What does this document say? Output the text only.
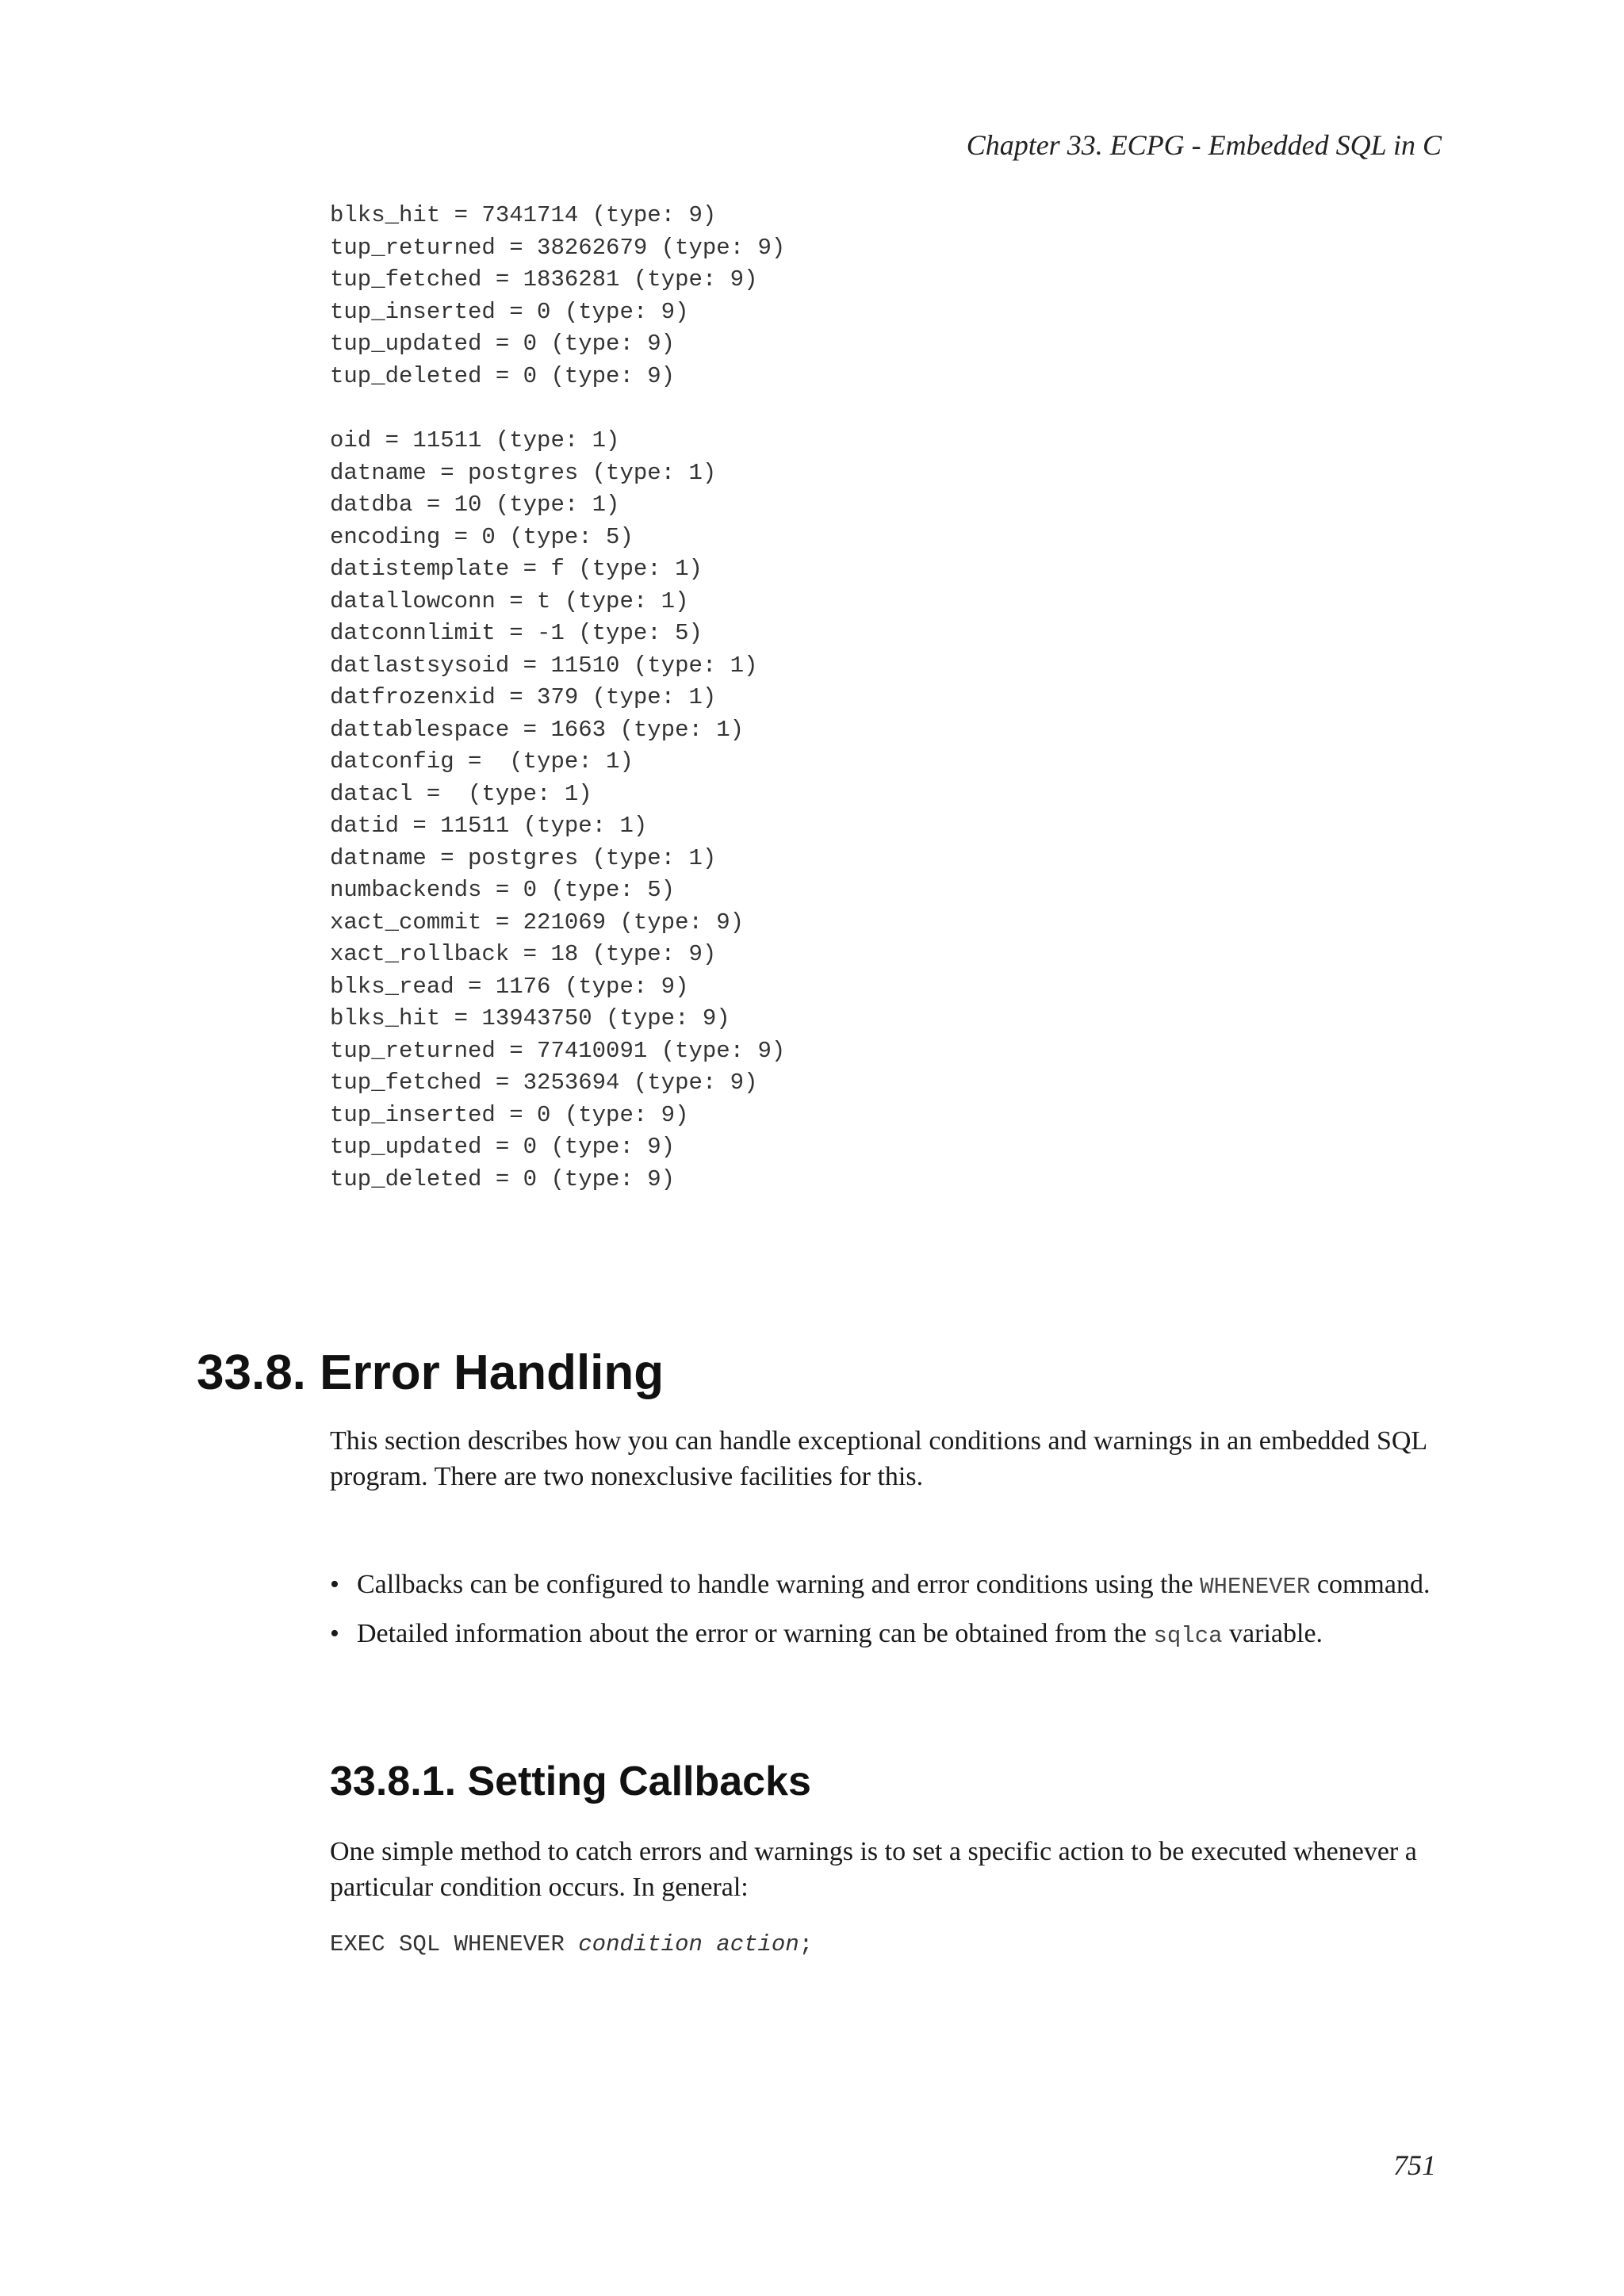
Chapter 33. ECPG - Embedded SQL in C
blks_hit = 7341714 (type: 9)
tup_returned = 38262679 (type: 9)
tup_fetched = 1836281 (type: 9)
tup_inserted = 0 (type: 9)
tup_updated = 0 (type: 9)
tup_deleted = 0 (type: 9)
oid = 11511 (type: 1)
datname = postgres (type: 1)
datdba = 10 (type: 1)
encoding = 0 (type: 5)
datistemplate = f (type: 1)
datallowconn = t (type: 1)
datconnlimit = -1 (type: 5)
datlastsysoid = 11510 (type: 1)
datfrozenxid = 379 (type: 1)
dattablespace = 1663 (type: 1)
datconfig =  (type: 1)
datacl =  (type: 1)
datid = 11511 (type: 1)
datname = postgres (type: 1)
numbackends = 0 (type: 5)
xact_commit = 221069 (type: 9)
xact_rollback = 18 (type: 9)
blks_read = 1176 (type: 9)
blks_hit = 13943750 (type: 9)
tup_returned = 77410091 (type: 9)
tup_fetched = 3253694 (type: 9)
tup_inserted = 0 (type: 9)
tup_updated = 0 (type: 9)
tup_deleted = 0 (type: 9)
33.8. Error Handling

This section describes how you can handle exceptional conditions and warnings in an embedded SQL program. There are two nonexclusive facilities for this.

• Callbacks can be configured to handle warning and error conditions using the WHENEVER command.
• Detailed information about the error or warning can be obtained from the sqlca variable.
33.8.1. Setting Callbacks

One simple method to catch errors and warnings is to set a specific action to be executed whenever a particular condition occurs. In general:

EXEC SQL WHENEVER condition action;
751
